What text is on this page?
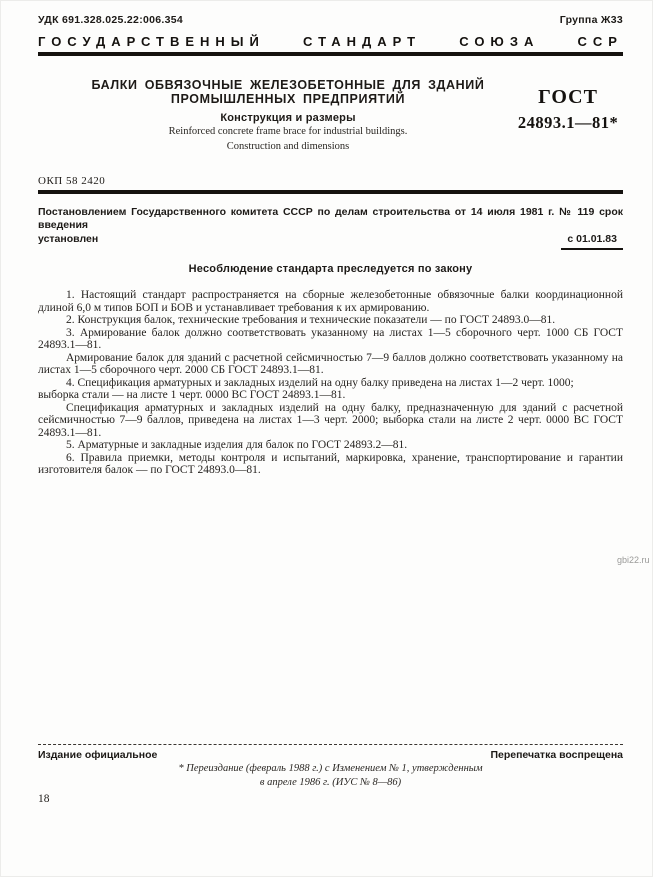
УДК 691.328.025.22:006.354	Группа Ж33
ГОСУДАРСТВЕННЫЙ	СТАНДАРТ	СОЮЗА	ССР
БАЛКИ ОБВЯЗОЧНЫЕ ЖЕЛЕЗОБЕТОННЫЕ ДЛЯ ЗДАНИЙ
ПРОМЫШЛЕННЫХ ПРЕДПРИЯТИЙ
Конструкция и размеры
Reinforced concrete frame brace for industrial buildings.
Construction and dimensions
ГОСТ
24893.1—81*
ОКП 58 2420
Постановлением Государственного комитета СССР по делам строительства от 14 июля 1981 г. № 119 срок введения
установлен	с 01.01.83
Несоблюдение стандарта преследуется по закону

1. Настоящий стандарт распространяется на сборные железобетонные обвязочные балки координационной длиной 6,0 м типов БОП и БОВ и устанавливает требования к их армированию.

2. Конструкция балок, технические требования и технические показатели — по ГОСТ 24893.0—81.

3. Армирование балок должно соответствовать указанному на листах 1—5 сборочного черт. 1000 СБ ГОСТ 24893.1—81.

Армирование балок для зданий с расчетной сейсмичностью 7—9 баллов должно соответствовать указанному на листах 1—5 сборочного черт. 2000 СБ ГОСТ 24893.1—81.

4. Спецификация арматурных и закладных изделий на одну балку приведена на листах 1—2 черт. 1000;

выборка стали — на листе 1 черт. 0000 ВС ГОСТ 24893.1—81.

Спецификация арматурных и закладных изделий на одну балку, предназначенную для зданий с расчетной сейсмичностью 7—9 баллов, приведена на листах 1—3 черт. 2000; выборка стали на листе 2 черт. 0000 ВС ГОСТ 24893.1—81.

5. Арматурные и закладные изделия для балок по ГОСТ 24893.2—81.

6. Правила приемки, методы контроля и испытаний, маркировка, хранение, транспортирование и гарантии изготовителя балок — по ГОСТ 24893.0—81.

Издание официальное	Перепечатка воспрещена
* Переиздание (февраль 1988 г.) с Изменением № 1, утвержденным
в апреле 1986 г. (ИУС № 8—86)
18
gbi22.ru
